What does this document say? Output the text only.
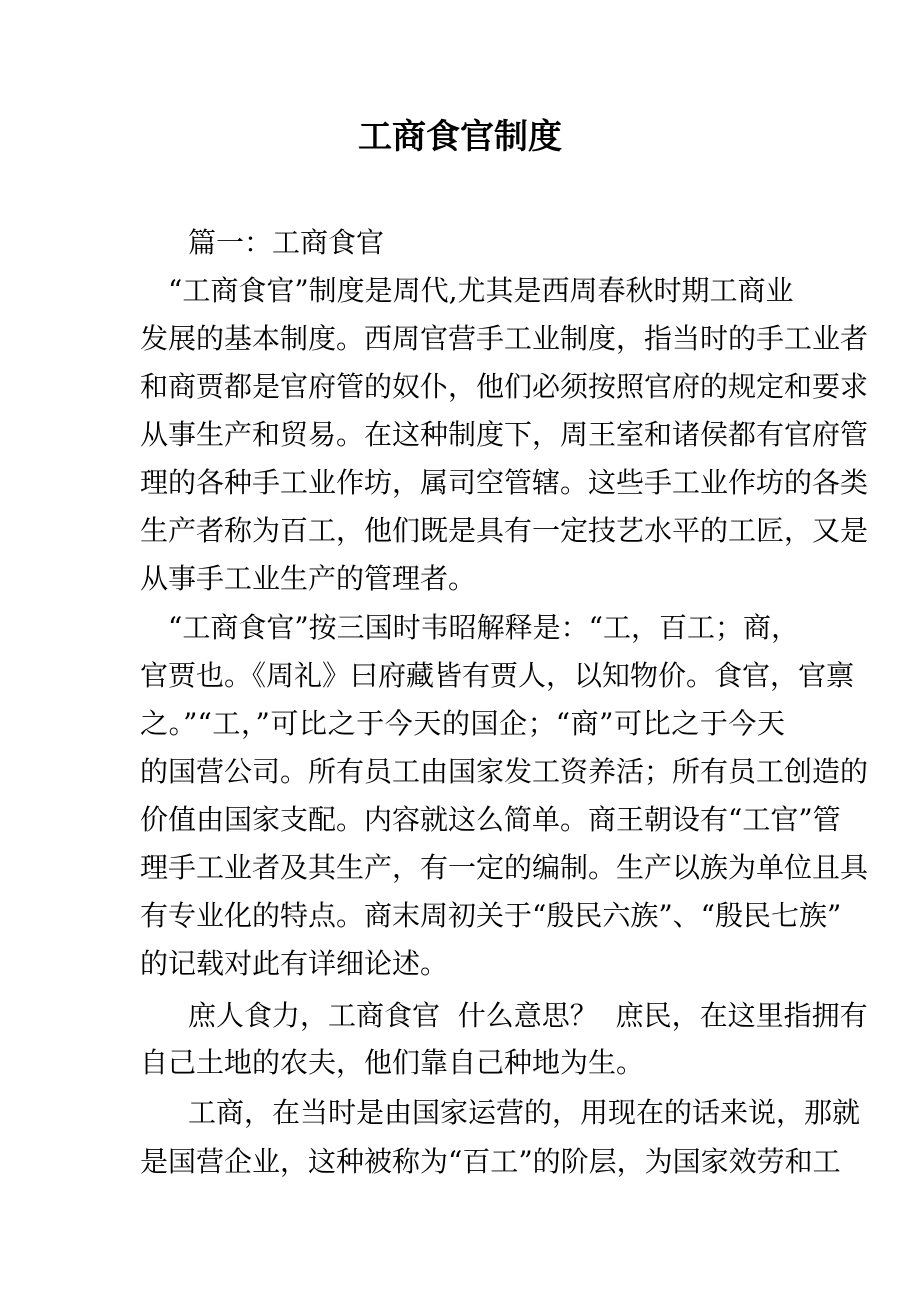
工商食官制度
篇一：工商食官
“工商食官”制度是周代,尤其是西周春秋时期工商业
发展的基本制度。西周官营手工业制度，指当时的手工业者
和商贾都是官府管的奴仆，他们必须按照官府的规定和要求
从事生产和贸易。在这种制度下，周王室和诸侯都有官府管
理的各种手工业作坊，属司空管辖。这些手工业作坊的各类
生产者称为百工，他们既是具有一定技艺水平的工匠，又是
从事手工业生产的管理者。
“工商食官”按三国时韦昭解释是：“工，百工；商，
官贾也。《周礼》曰府藏皆有贾人，以知物价。食官，官禀
之。”“工，”可比之于今天的国企；“商”可比之于今天
的国营公司。所有员工由国家发工资养活；所有员工创造的
价值由国家支配。内容就这么简单。商王朝设有“工官”管
理手工业者及其生产，有一定的编制。生产以族为单位且具
有专业化的特点。商末周初关于“殷民六族”、“殷民七族”
的记载对此有详细论述。
庶人食力，工商食官  什么意思？  庶民，在这里指拥有
自己土地的农夫，他们靠自己种地为生。
工商，在当时是由国家运营的，用现在的话来说，那就
是国营企业，这种被称为“百工”的阶层，为国家效劳和工
